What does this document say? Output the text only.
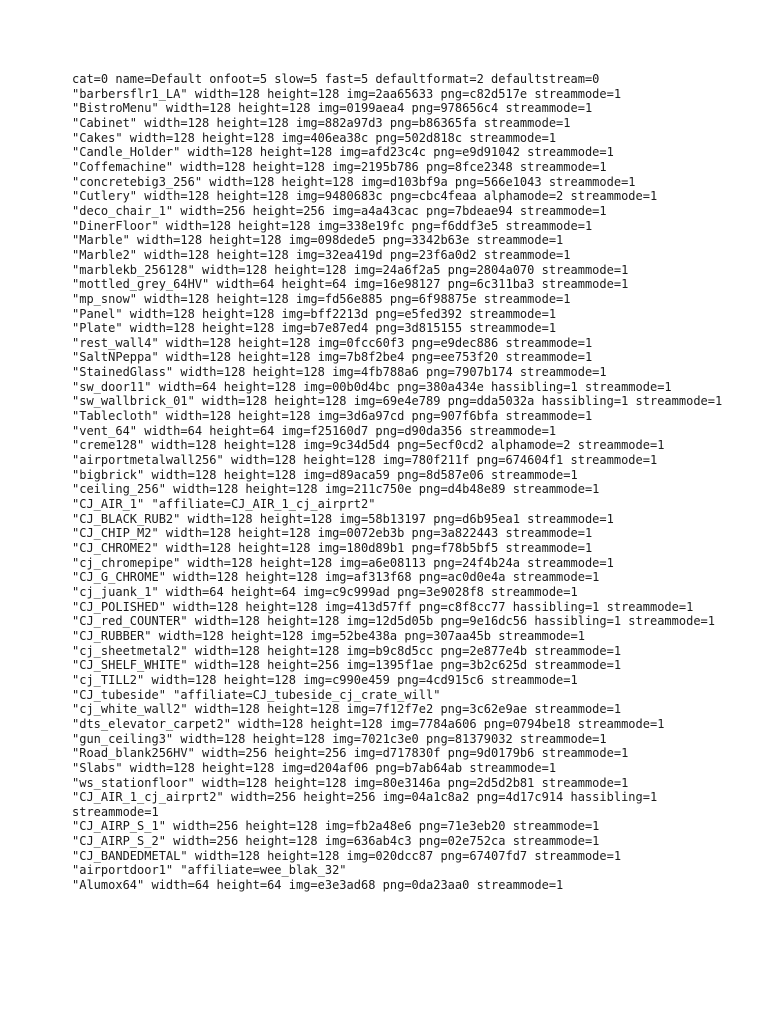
cat=0 name=Default onfoot=5 slow=5 fast=5 defaultformat=2 defaultstream=0
"barbersflr1_LA" width=128 height=128 img=2aa65633 png=c82d517e streammode=1
"BistroMenu" width=128 height=128 img=0199aea4 png=978656c4 streammode=1
"Cabinet" width=128 height=128 img=882a97d3 png=b86365fa streammode=1
"Cakes" width=128 height=128 img=406ea38c png=502d818c streammode=1
"Candle_Holder" width=128 height=128 img=afd23c4c png=e9d91042 streammode=1
"Coffemachine" width=128 height=128 img=2195b786 png=8fce2348 streammode=1
"concretebig3_256" width=128 height=128 img=d103bf9a png=566e1043 streammode=1
"Cutlery" width=128 height=128 img=9480683c png=cbc4feaa alphamode=2 streammode=1
"deco_chair_1" width=256 height=256 img=a4a43cac png=7bdeae94 streammode=1
"DinerFloor" width=128 height=128 img=338e19fc png=f6ddf3e5 streammode=1
"Marble" width=128 height=128 img=098dede5 png=3342b63e streammode=1
"Marble2" width=128 height=128 img=32ea419d png=23f6a0d2 streammode=1
"marblekb_256128" width=128 height=128 img=24a6f2a5 png=2804a070 streammode=1
"mottled_grey_64HV" width=64 height=64 img=16e98127 png=6c311ba3 streammode=1
"mp_snow" width=128 height=128 img=fd56e885 png=6f98875e streammode=1
"Panel" width=128 height=128 img=bff2213d png=e5fed392 streammode=1
"Plate" width=128 height=128 img=b7e87ed4 png=3d815155 streammode=1
"rest_wall4" width=128 height=128 img=0fcc60f3 png=e9dec886 streammode=1
"SaltNPeppa" width=128 height=128 img=7b8f2be4 png=ee753f20 streammode=1
"StainedGlass" width=128 height=128 img=4fb788a6 png=7907b174 streammode=1
"sw_door11" width=64 height=128 img=00b0d4bc png=380a434e hassibling=1 streammode=1
"sw_wallbrick_01" width=128 height=128 img=69e4e789 png=dda5032a hassibling=1 streammode=1
"Tablecloth" width=128 height=128 img=3d6a97cd png=907f6bfa streammode=1
"vent_64" width=64 height=64 img=f25160d7 png=d90da356 streammode=1
"creme128" width=128 height=128 img=9c34d5d4 png=5ecf0cd2 alphamode=2 streammode=1
"airportmetalwall256" width=128 height=128 img=780f211f png=674604f1 streammode=1
"bigbrick" width=128 height=128 img=d89aca59 png=8d587e06 streammode=1
"ceiling_256" width=128 height=128 img=211c750e png=d4b48e89 streammode=1
"CJ_AIR_1" "affiliate=CJ_AIR_1_cj_airprt2"
"CJ_BLACK_RUB2" width=128 height=128 img=58b13197 png=d6b95ea1 streammode=1
"CJ_CHIP_M2" width=128 height=128 img=0072eb3b png=3a822443 streammode=1
"CJ_CHROME2" width=128 height=128 img=180d89b1 png=f78b5bf5 streammode=1
"cj_chromepipe" width=128 height=128 img=a6e08113 png=24f4b24a streammode=1
"CJ_G_CHROME" width=128 height=128 img=af313f68 png=ac0d0e4a streammode=1
"cj_juank_1" width=64 height=64 img=c9c999ad png=3e9028f8 streammode=1
"CJ_POLISHED" width=128 height=128 img=413d57ff png=c8f8cc77 hassibling=1 streammode=1
"CJ_red_COUNTER" width=128 height=128 img=12d5d05b png=9e16dc56 hassibling=1 streammode=1
"CJ_RUBBER" width=128 height=128 img=52be438a png=307aa45b streammode=1
"cj_sheetmetal2" width=128 height=128 img=b9c8d5cc png=2e877e4b streammode=1
"CJ_SHELF_WHITE" width=128 height=256 img=1395f1ae png=3b2c625d streammode=1
"cj_TILL2" width=128 height=128 img=c990e459 png=4cd915c6 streammode=1
"CJ_tubeside" "affiliate=CJ_tubeside_cj_crate_will"
"cj_white_wall2" width=128 height=128 img=7f12f7e2 png=3c62e9ae streammode=1
"dts_elevator_carpet2" width=128 height=128 img=7784a606 png=0794be18 streammode=1
"gun_ceiling3" width=128 height=128 img=7021c3e0 png=81379032 streammode=1
"Road_blank256HV" width=256 height=256 img=d717830f png=9d0179b6 streammode=1
"Slabs" width=128 height=128 img=d204af06 png=b7ab64ab streammode=1
"ws_stationfloor" width=128 height=128 img=80e3146a png=2d5d2b81 streammode=1
"CJ_AIR_1_cj_airprt2" width=256 height=256 img=04a1c8a2 png=4d17c914 hassibling=1 streammode=1
"CJ_AIRP_S_1" width=256 height=128 img=fb2a48e6 png=71e3eb20 streammode=1
"CJ_AIRP_S_2" width=256 height=128 img=636ab4c3 png=02e752ca streammode=1
"CJ_BANDEDMETAL" width=128 height=128 img=020dcc87 png=67407fd7 streammode=1
"airportdoor1" "affiliate=wee_blak_32"
"Alumox64" width=64 height=64 img=e3e3ad68 png=0da23aa0 streammode=1
